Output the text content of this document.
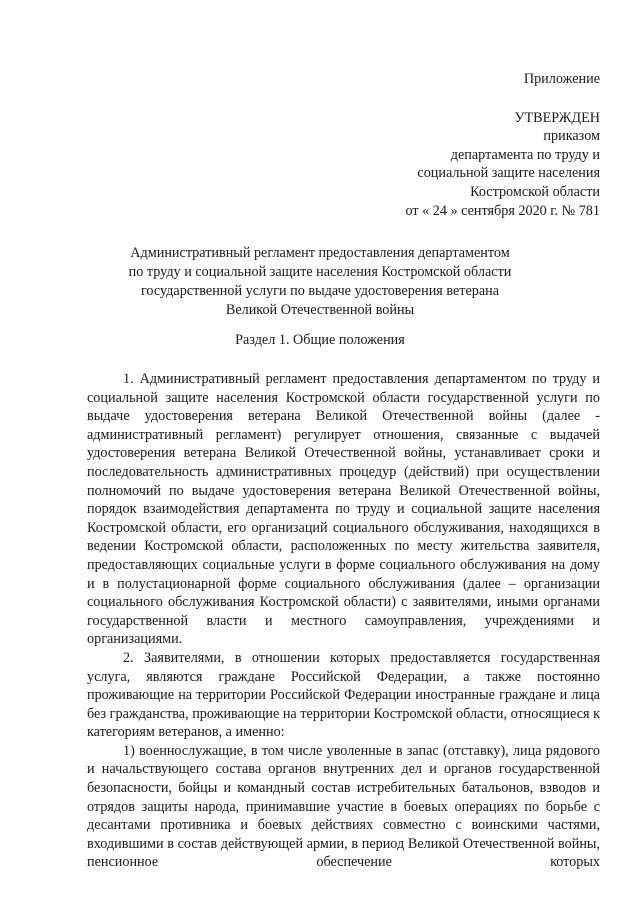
Приложение
УТВЕРЖДЕН
приказом
департамента по труду и
социальной защите населения
Костромской области
от « 24 » сентября 2020 г. № 781
Административный регламент предоставления департаментом
по труду и социальной защите населения Костромской области
государственной услуги по выдаче удостоверения ветерана
Великой Отечественной войны
Раздел 1. Общие положения

1. Административный регламент предоставления департаментом по труду и социальной защите населения Костромской области государственной услуги по выдаче удостоверения ветерана Великой Отечественной войны (далее - административный регламент) регулирует отношения, связанные с выдачей удостоверения ветерана Великой Отечественной войны, устанавливает сроки и последовательность административных процедур (действий) при осуществлении полномочий по выдаче удостоверения ветерана Великой Отечественной войны, порядок взаимодействия департамента по труду и социальной защите населения Костромской области, его организаций социального обслуживания, находящихся в ведении Костромской области, расположенных по месту жительства заявителя, предоставляющих социальные услуги в форме социального обслуживания на дому и в полустационарной форме социального обслуживания (далее – организации социального обслуживания Костромской области) с заявителями, иными органами государственной власти и местного самоуправления, учреждениями и организациями.

2. Заявителями, в отношении которых предоставляется государственная услуга, являются граждане Российской Федерации, а также постоянно проживающие на территории Российской Федерации иностранные граждане и лица без гражданства, проживающие на территории Костромской области, относящиеся к категориям ветеранов, а именно:

1) военнослужащие, в том числе уволенные в запас (отставку), лица рядового и начальствующего состава органов внутренних дел и органов государственной безопасности, бойцы и командный состав истребительных батальонов, взводов и отрядов защиты народа, принимавшие участие в боевых операциях по борьбе с десантами противника и боевых действиях совместно с воинскими частями, входившими в состав действующей армии, в период Великой Отечественной войны, пенсионное обеспечение которых
